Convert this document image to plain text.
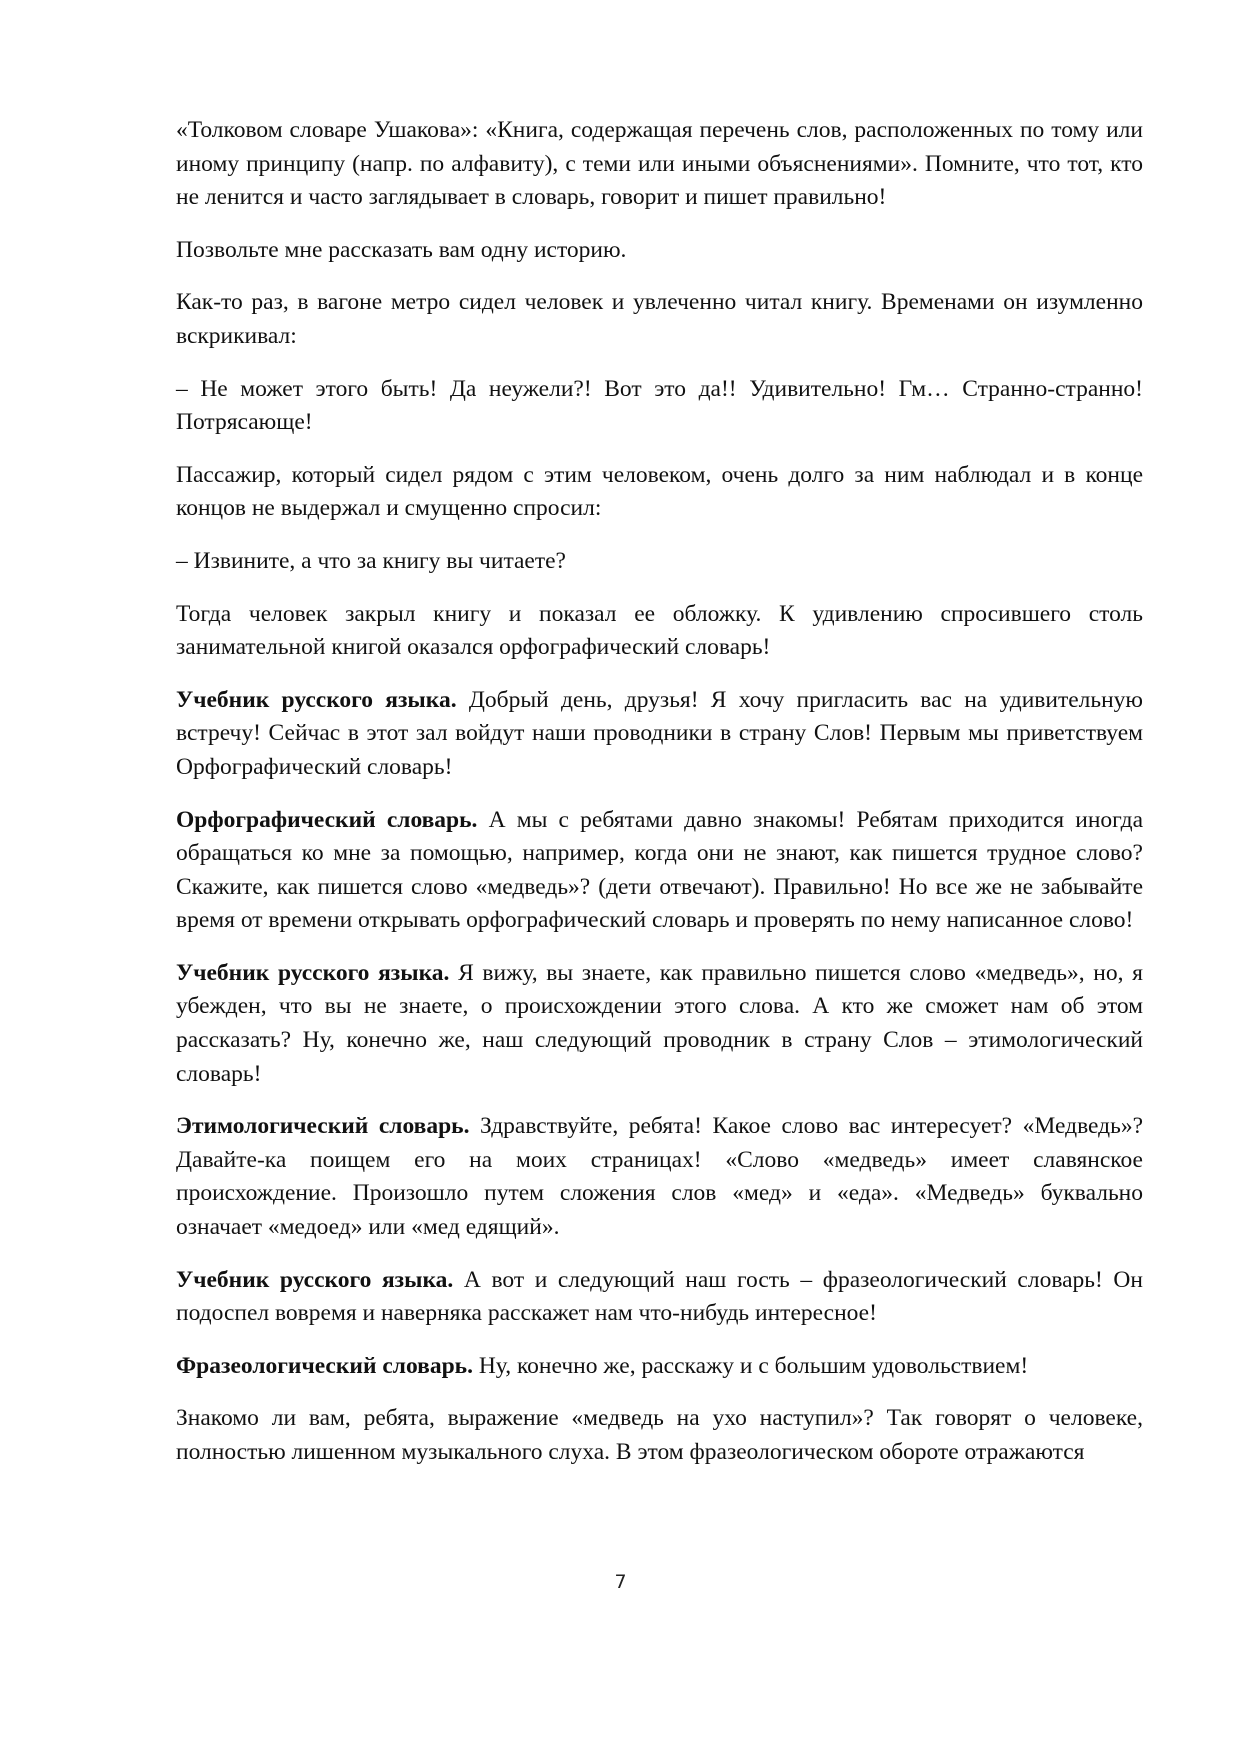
«Толковом словаре Ушакова»: «Книга, содержащая перечень слов, расположенных по тому или иному принципу (напр. по алфавиту), с теми или иными объяснениями». Помните, что тот, кто не ленится и часто заглядывает в словарь, говорит и пишет правильно!

Позвольте мне рассказать вам одну историю.

Как-то раз, в вагоне метро сидел человек и увлеченно читал книгу. Временами он изумленно вскрикивал:

– Не может этого быть! Да неужели?! Вот это да!! Удивительно! Гм… Странно-странно! Потрясающе!

Пассажир, который сидел рядом с этим человеком, очень долго за ним наблюдал и в конце концов не выдержал и смущенно спросил:

– Извините, а что за книгу вы читаете?

Тогда человек закрыл книгу и показал ее обложку. К удивлению спросившего столь занимательной книгой оказался орфографический словарь!

Учебник русского языка. Добрый день, друзья! Я хочу пригласить вас на удивительную встречу! Сейчас в этот зал войдут наши проводники в страну Слов! Первым мы приветствуем Орфографический словарь!

Орфографический словарь. А мы с ребятами давно знакомы! Ребятам приходится иногда обращаться ко мне за помощью, например, когда они не знают, как пишется трудное слово? Скажите, как пишется слово «медведь»? (дети отвечают). Правильно! Но все же не забывайте время от времени открывать орфографический словарь и проверять по нему написанное слово!

Учебник русского языка. Я вижу, вы знаете, как правильно пишется слово «медведь», но, я убежден, что вы не знаете, о происхождении этого слова. А кто же сможет нам об этом рассказать? Ну, конечно же, наш следующий проводник в страну Слов – этимологический словарь!

Этимологический словарь. Здравствуйте, ребята! Какое слово вас интересует? «Медведь»? Давайте-ка поищем его на моих страницах! «Слово «медведь» имеет славянское происхождение. Произошло путем сложения слов «мед» и «еда». «Медведь» буквально означает «медоед» или «мед едящий».

Учебник русского языка. А вот и следующий наш гость – фразеологический словарь! Он подоспел вовремя и наверняка расскажет нам что-нибудь интересное!

Фразеологический словарь. Ну, конечно же, расскажу и с большим удовольствием!

Знакомо ли вам, ребята, выражение «медведь на ухо наступил»? Так говорят о человеке, полностью лишенном музыкального слуха. В этом фразеологическом обороте отражаются

7
